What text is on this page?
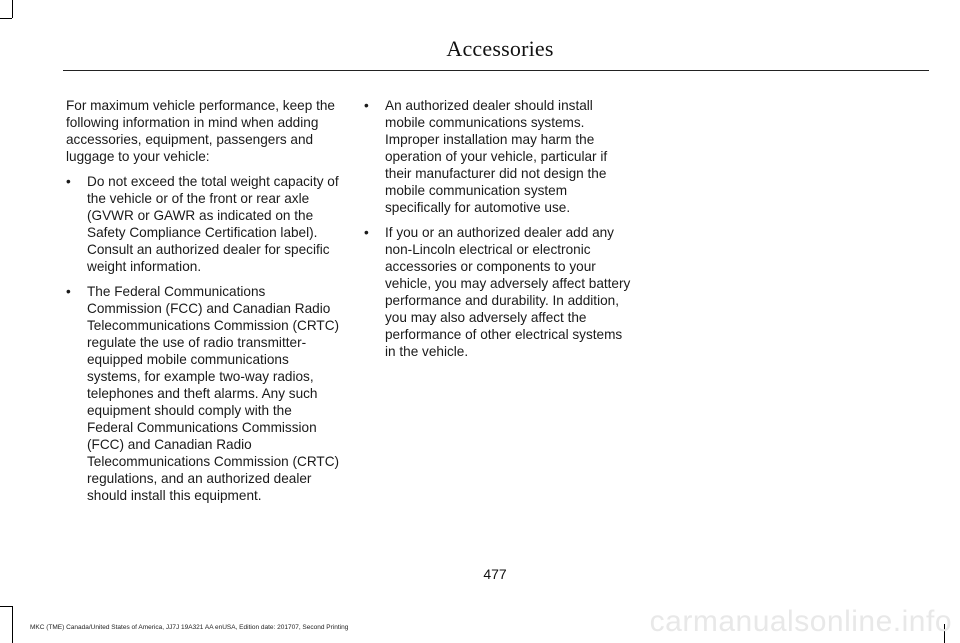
Accessories

For maximum vehicle performance, keep the following information in mind when adding accessories, equipment, passengers and luggage to your vehicle:

• Do not exceed the total weight capacity of the vehicle or of the front or rear axle (GVWR or GAWR as indicated on the Safety Compliance Certification label). Consult an authorized dealer for specific weight information.
• The Federal Communications Commission (FCC) and Canadian Radio Telecommunications Commission (CRTC) regulate the use of radio transmitter-equipped mobile communications systems, for example two-way radios, telephones and theft alarms. Any such equipment should comply with the Federal Communications Commission (FCC) and Canadian Radio Telecommunications Commission (CRTC) regulations, and an authorized dealer should install this equipment.
• An authorized dealer should install mobile communications systems. Improper installation may harm the operation of your vehicle, particular if their manufacturer did not design the mobile communication system specifically for automotive use.
• If you or an authorized dealer add any non-Lincoln electrical or electronic accessories or components to your vehicle, you may adversely affect battery performance and durability. In addition, you may also adversely affect the performance of other electrical systems in the vehicle.
477
MKC (TME) Canada/United States of America, JJ7J 19A321 AA enUSA, Edition date: 201707, Second Printing	carmanualsonline.info
